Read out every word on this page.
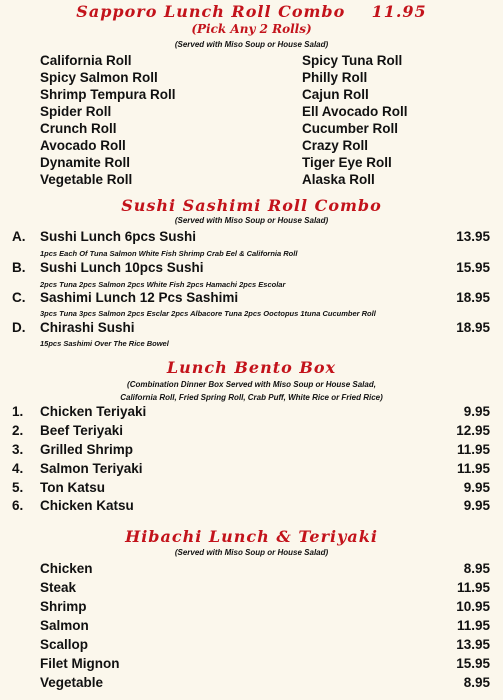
Sapporo Lunch Roll Combo 11.95
(Pick Any 2 Rolls)
(Served with Miso Soup or House Salad)
California Roll
Spicy Salmon Roll
Shrimp Tempura Roll
Spider Roll
Crunch Roll
Avocado Roll
Dynamite Roll
Vegetable Roll
Spicy Tuna Roll
Philly Roll
Cajun Roll
Ell Avocado Roll
Cucumber Roll
Crazy Roll
Tiger Eye Roll
Alaska Roll
Sushi Sashimi Roll Combo
(Served with Miso Soup or House Salad)
A. Sushi Lunch 6pcs Sushi	13.95
1pcs Each Of Tuna Salmon White Fish Shrimp Crab Eel & California Roll
B. Sushi Lunch 10pcs Sushi	15.95
2pcs Tuna 2pcs Salmon 2pcs White Fish 2pcs Hamachi 2pcs Escolar
C. Sashimi Lunch 12 Pcs Sashimi	18.95
3pcs Tuna 3pcs Salmon 2pcs Esclar 2pcs Albacore Tuna 2pcs Ooctopus 1tuna Cucumber Roll
D. Chirashi Sushi	18.95
15pcs Sashimi Over The Rice Bowel
Lunch Bento Box
(Combination Dinner Box Served with Miso Soup or House Salad,
California Roll, Fried Spring Roll, Crab Puff, White Rice or Fried Rice)
1. Chicken Teriyaki	9.95
2. Beef Teriyaki	12.95
3. Grilled Shrimp	11.95
4. Salmon Teriyaki	11.95
5. Ton Katsu	9.95
6. Chicken Katsu	9.95
Hibachi Lunch & Teriyaki
(Served with Miso Soup or House Salad)
Chicken	8.95
Steak	11.95
Shrimp	10.95
Salmon	11.95
Scallop	13.95
Filet Mignon	15.95
Vegetable	8.95
